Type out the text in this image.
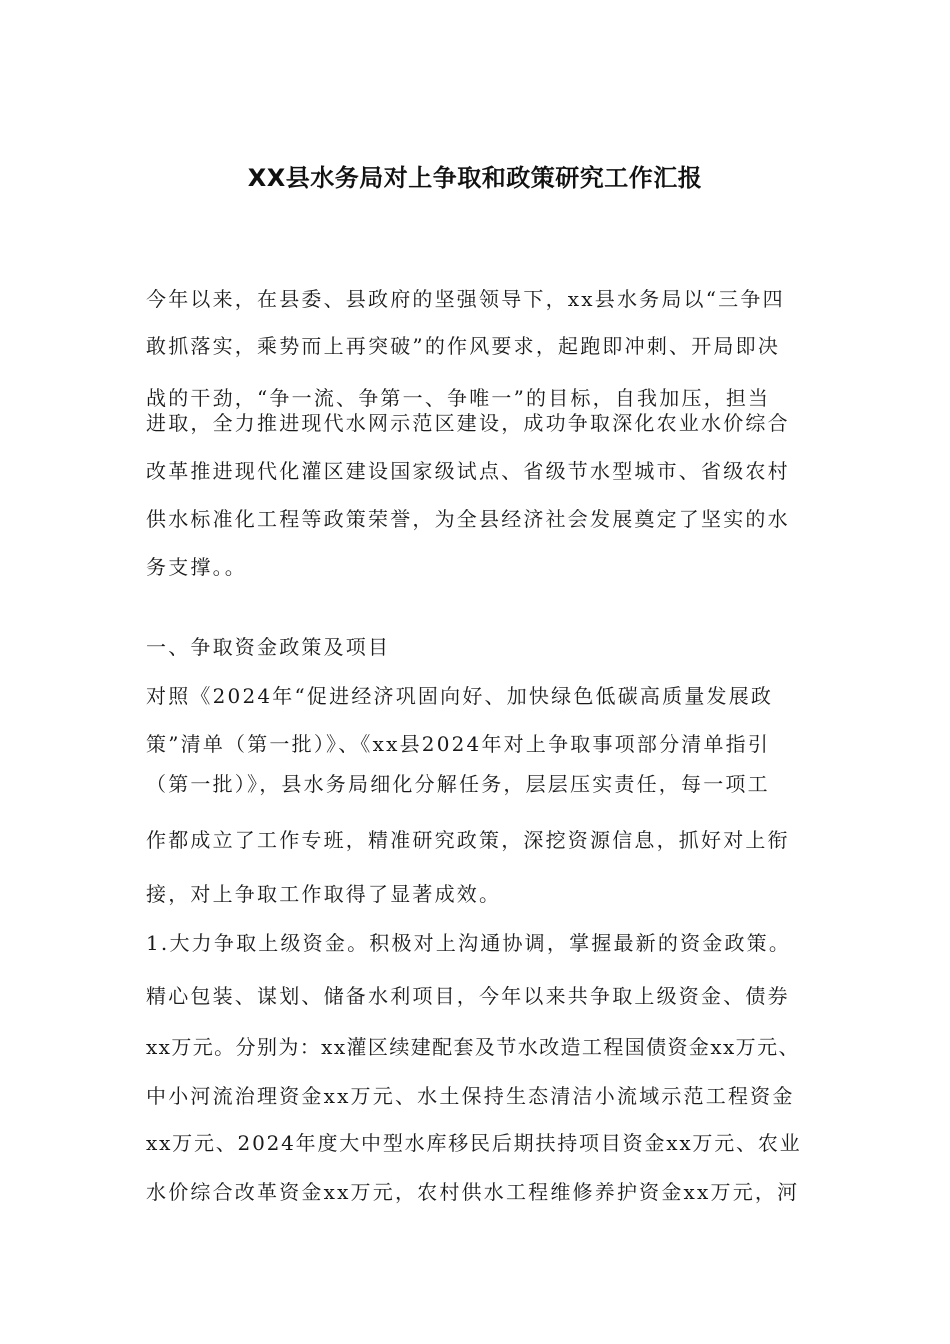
XX县水务局对上争取和政策研究工作汇报
今年以来，在县委、县政府的坚强领导下，xx县水务局以“三争四
敢抓落实，乘势而上再突破”的作风要求，起跑即冲刺、开局即决
战的干劲，“争一流、争第一、争唯一”的目标，自我加压，担当
进取，全力推进现代水网示范区建设，成功争取深化农业水价综合
改革推进现代化灌区建设国家级试点、省级节水型城市、省级农村
供水标准化工程等政策荣誉，为全县经济社会发展奠定了坚实的水
务支撑。。
一、争取资金政策及项目
对照《2024年“促进经济巩固向好、加快绿色低碳高质量发展政
策”清单（第一批）》、《xx县2024年对上争取事项部分清单指引
（第一批）》，县水务局细化分解任务，层层压实责任，每一项工
作都成立了工作专班，精准研究政策，深挖资源信息，抓好对上衔
接，对上争取工作取得了显著成效。
1.大力争取上级资金。积极对上沟通协调，掌握最新的资金政策。
精心包装、谋划、储备水利项目，今年以来共争取上级资金、债券
xx万元。分别为：xx灌区续建配套及节水改造工程国债资金xx万元、
中小河流治理资金xx万元、水土保持生态清洁小流域示范工程资金
xx万元、2024年度大中型水库移民后期扶持项目资金xx万元、农业
水价综合改革资金xx万元，农村供水工程维修养护资金xx万元，河
